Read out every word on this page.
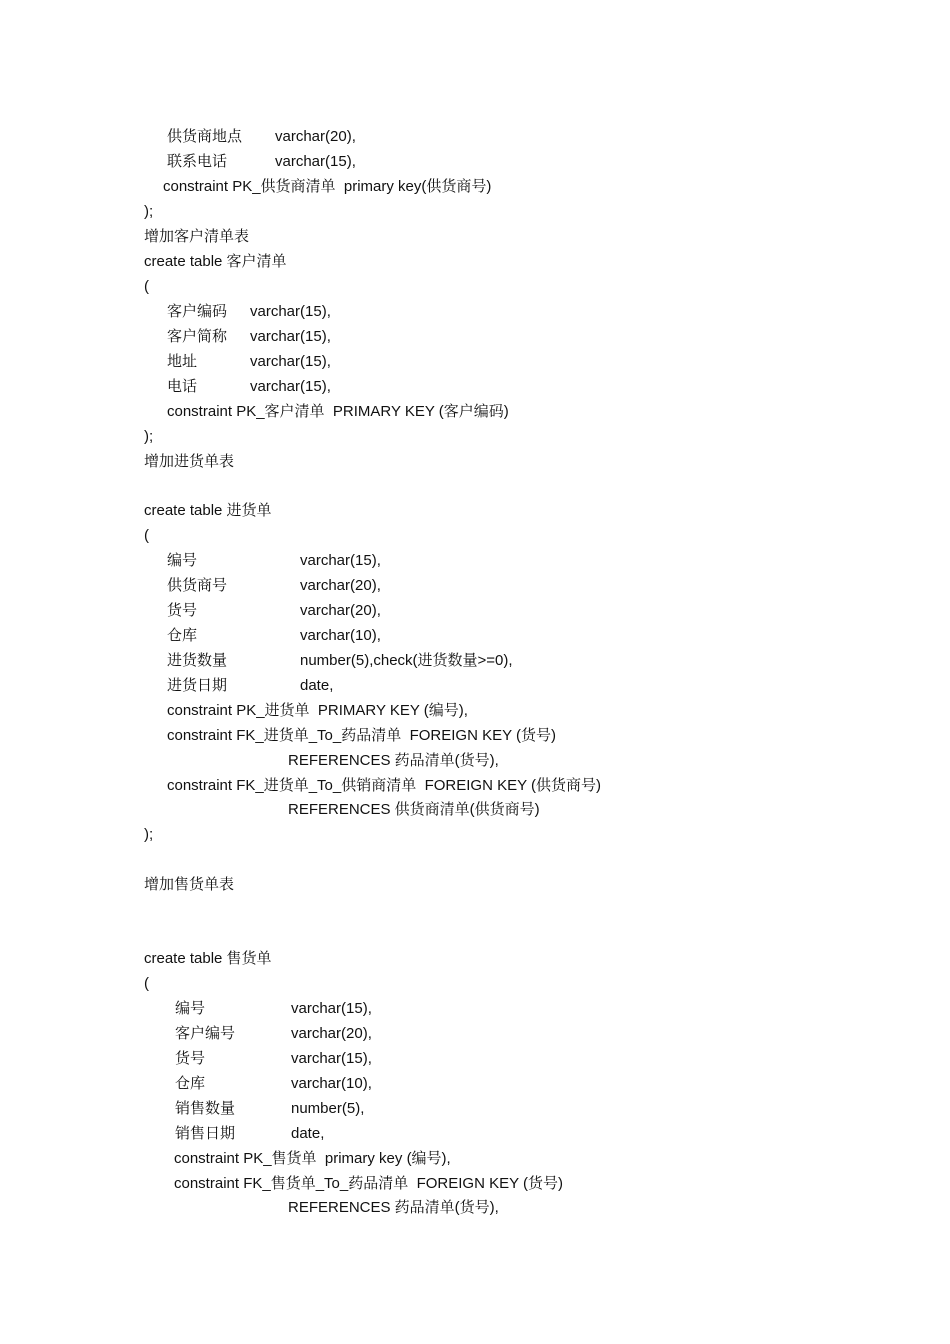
供货商地点 varchar(20),
联系电话	varchar(15),
constraint PK_供货商清单  primary key(供货商号)
);
增加客户清单表
create table 客户清单
(
客户编码 varchar(15),
客户简称 varchar(15),
地址	varchar(15),
电话	varchar(15),
constraint PK_客户清单  PRIMARY KEY (客户编码)
);
增加进货单表
create table 进货单
(
编号	varchar(15),
供货商号	varchar(20),
货号	varchar(20),
仓库	varchar(10),
进货数量	number(5),check(进货数量>=0),
进货日期	date,
constraint PK_进货单  PRIMARY KEY (编号),
constraint FK_进货单_To_药品清单  FOREIGN KEY (货号)
REFERENCES 药品清单(货号),
constraint FK_进货单_To_供销商清单  FOREIGN KEY (供货商号)
REFERENCES 供货商清单(供货商号)
);
增加售货单表
create table 售货单
(
编号	varchar(15),
客户编号	varchar(20),
货号	varchar(15),
仓库	varchar(10),
销售数量	number(5),
销售日期	date,
constraint PK_售货单  primary key (编号),
constraint FK_售货单_To_药品清单  FOREIGN KEY (货号)
REFERENCES 药品清单(货号),
